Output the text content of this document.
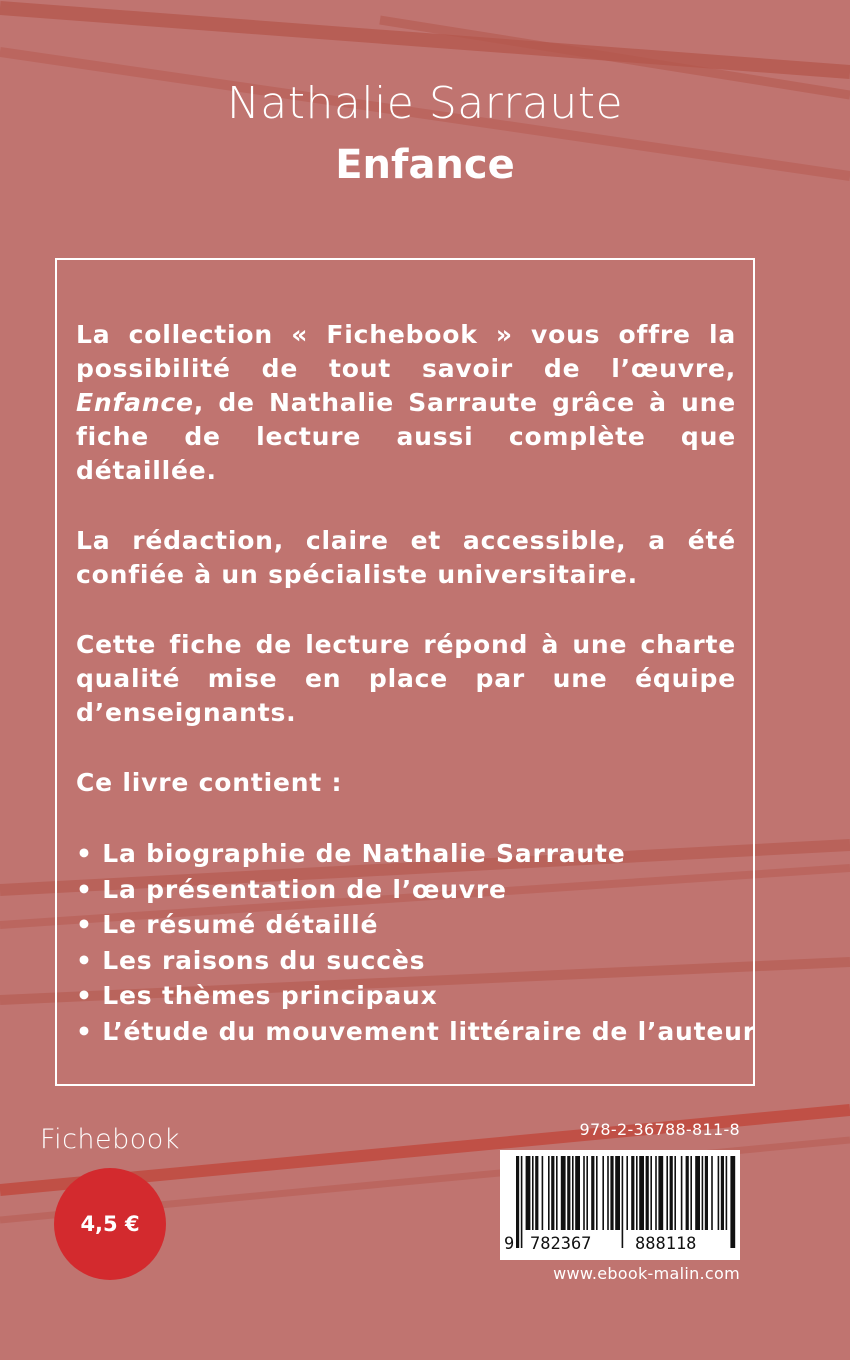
Nathalie Sarraute
Enfance

La collection « Fichebook » vous offre la possibilité de tout savoir de l’œuvre, Enfance, de Nathalie Sarraute grâce à une fiche de lecture aussi complète que détaillée.

La rédaction, claire et accessible, a été confiée à un spécialiste universitaire.

Cette fiche de lecture répond à une charte qualité mise en place par une équipe d’enseignants.

Ce livre contient :

• La biographie de Nathalie Sarraute
• La présentation de l’œuvre
• Le résumé détaillé
• Les raisons du succès
• Les thèmes principaux
• L’étude du mouvement littéraire de l’auteur
Fichebook
4,5 €
978-2-36788-811-8
9 782367	888118
www.ebook-malin.com
